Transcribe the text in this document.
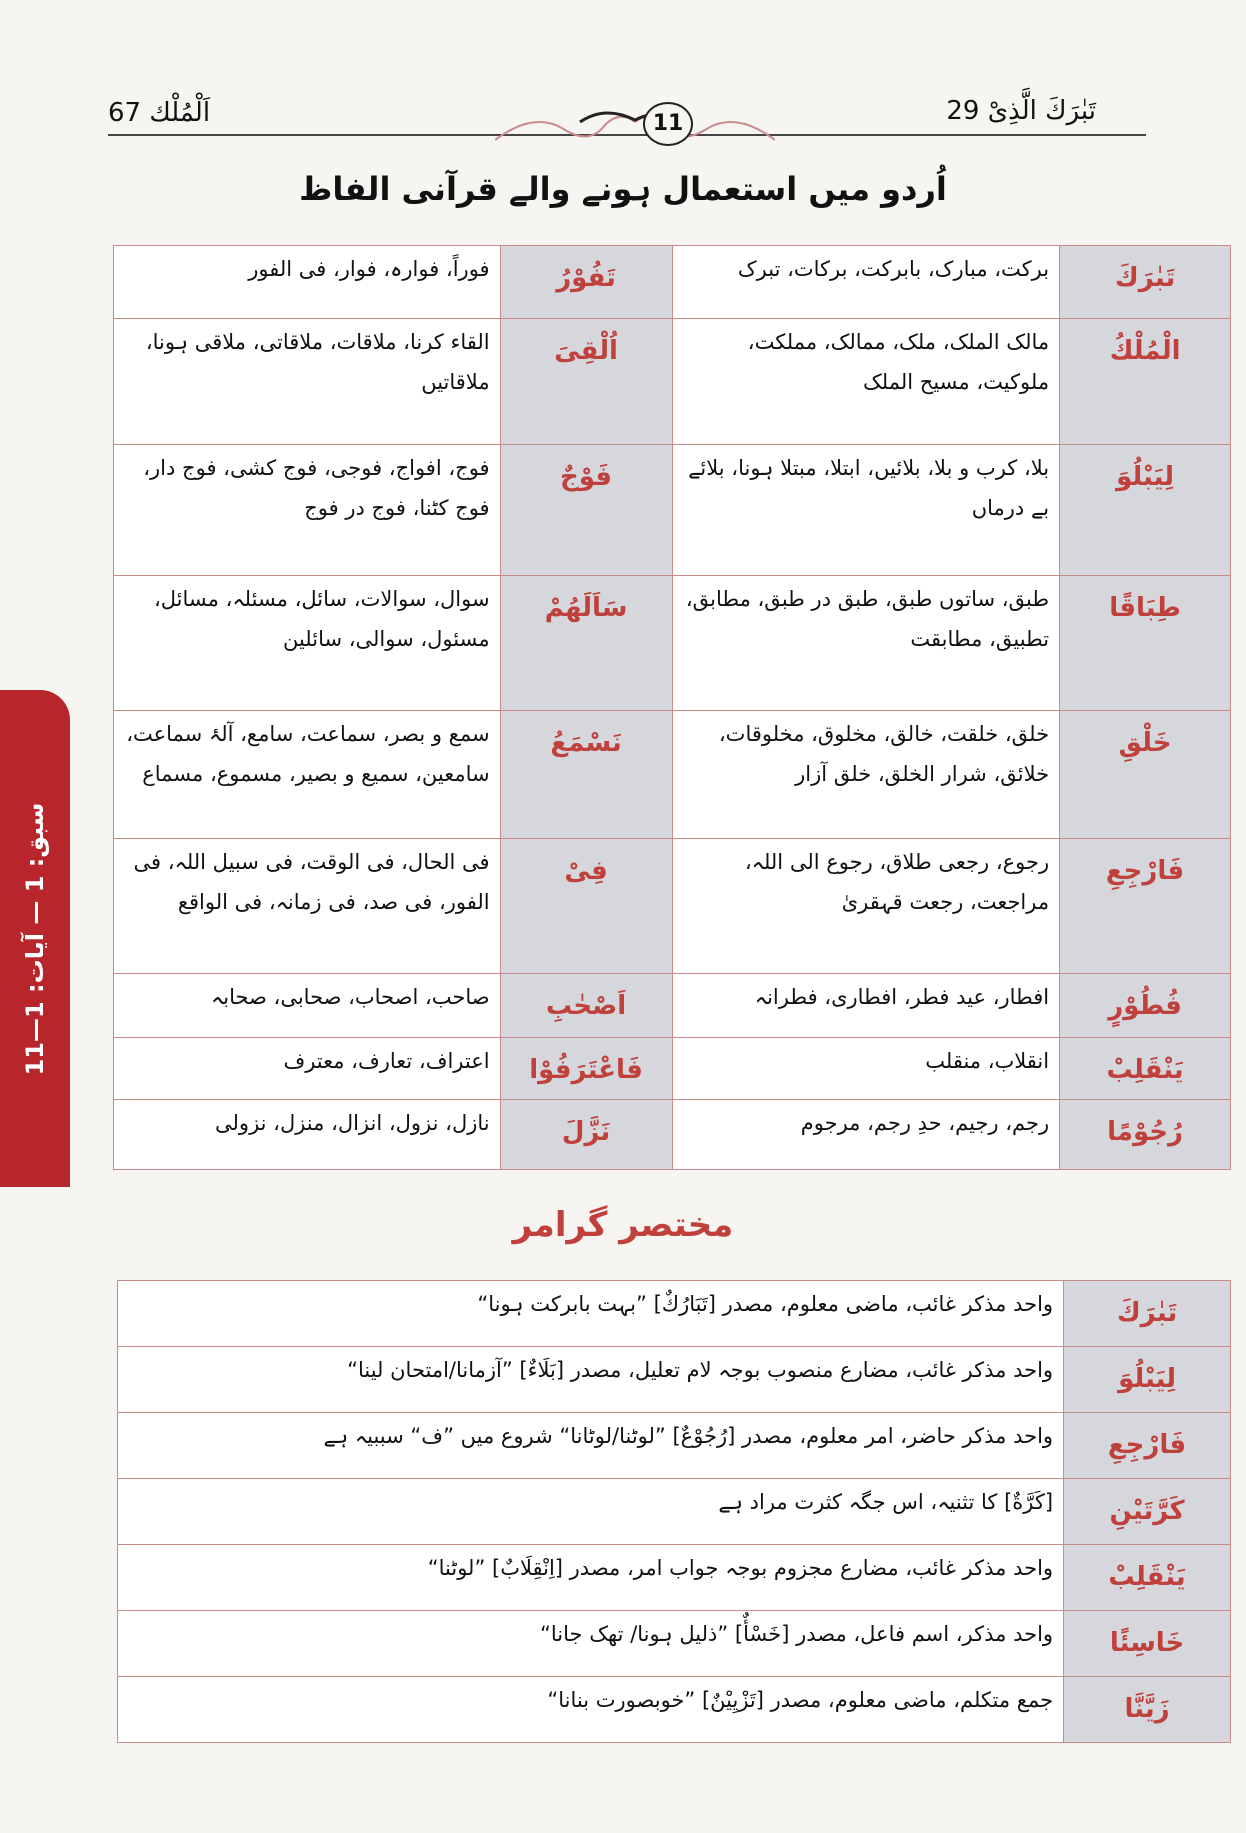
اَلْمُلْك 67	تَبٰرَكَ الَّذِیْ 29
11
اُردو میں استعمال ہونے والے قرآنی الفاظ
تَبٰرَكَ	برکت، مبارک، بابرکت، برکات، تبرک	تَفُوْرُ	فوراً، فوارہ، فوار، فی الفور
الْمُلْكُ	مالک الملک، ملک، ممالک، مملکت، ملوکیت، مسیح الملک	اُلْقِیَ	القاء کرنا، ملاقات، ملاقاتی، ملاقی ہونا، ملاقاتیں
لِیَبْلُوَ	بلا، کرب و بلا، بلائیں، ابتلا، مبتلا ہونا، بلائے بے درماں	فَوْجٌ	فوج، افواج، فوجی، فوج کشی، فوج دار، فوج کٹنا، فوج در فوج
طِبَاقًا	طبق، ساتوں طبق، طبق در طبق، مطابق، تطبیق، مطابقت	سَاَلَهُمْ	سوال، سوالات، سائل، مسئلہ، مسائل، مسئول، سوالی، سائلین
خَلْقِ	خلق، خلقت، خالق، مخلوق، مخلوقات، خلائق، شرار الخلق، خلق آزار	نَسْمَعُ	سمع و بصر، سماعت، سامع، آلۂ سماعت، سامعین، سمیع و بصیر، مسموع، مسماع
فَارْجِعِ	رجوع، رجعی طلاق، رجوع الی اللہ، مراجعت، رجعت قہقریٰ	فِیْ	فی الحال، فی الوقت، فی سبیل اللہ، فی الفور، فی صد، فی زمانہ، فی الواقع
فُطُوْرٍ	افطار، عید فطر، افطاری، فطرانہ	اَصْحٰبِ	صاحب، اصحاب، صحابی، صحابہ
یَنْقَلِبْ	انقلاب، منقلب	فَاعْتَرَفُوْا	اعتراف، تعارف، معترف
رُجُوْمًا	رجم، رجیم، حدِ رجم، مرجوم	نَزَّلَ	نازل، نزول، انزال، منزل، نزولی
مختصر گرامر
تَبٰرَكَ	واحد مذکر غائب، ماضی معلوم، مصدر [تَبَارُكٌ] ”بہت بابرکت ہونا“
لِیَبْلُوَ	واحد مذکر غائب، مضارع منصوب بوجہ لام تعلیل، مصدر [بَلَاءٌ] ”آزمانا/امتحان لینا“
فَارْجِعِ	واحد مذکر حاضر، امر معلوم، مصدر [رُجُوْعٌ] ”لوٹنا/لوٹانا“ شروع میں ”ف“ سببیہ ہے
كَرَّتَیْنِ	[كَرَّةٌ] کا تثنیہ، اس جگہ کثرت مراد ہے
یَنْقَلِبْ	واحد مذکر غائب، مضارع مجزوم بوجہ جواب امر، مصدر [اِنْقِلَابٌ] ”لوٹنا“
خَاسِئًا	واحد مذکر، اسم فاعل، مصدر [خَسْأٌ] ”ذلیل ہونا/ تھک جانا“
زَیَّنَّا	جمع متکلم، ماضی معلوم، مصدر [تَزْیِیْنٌ] ”خوبصورت بنانا“
سبق: 1 — آیات: 1—11
